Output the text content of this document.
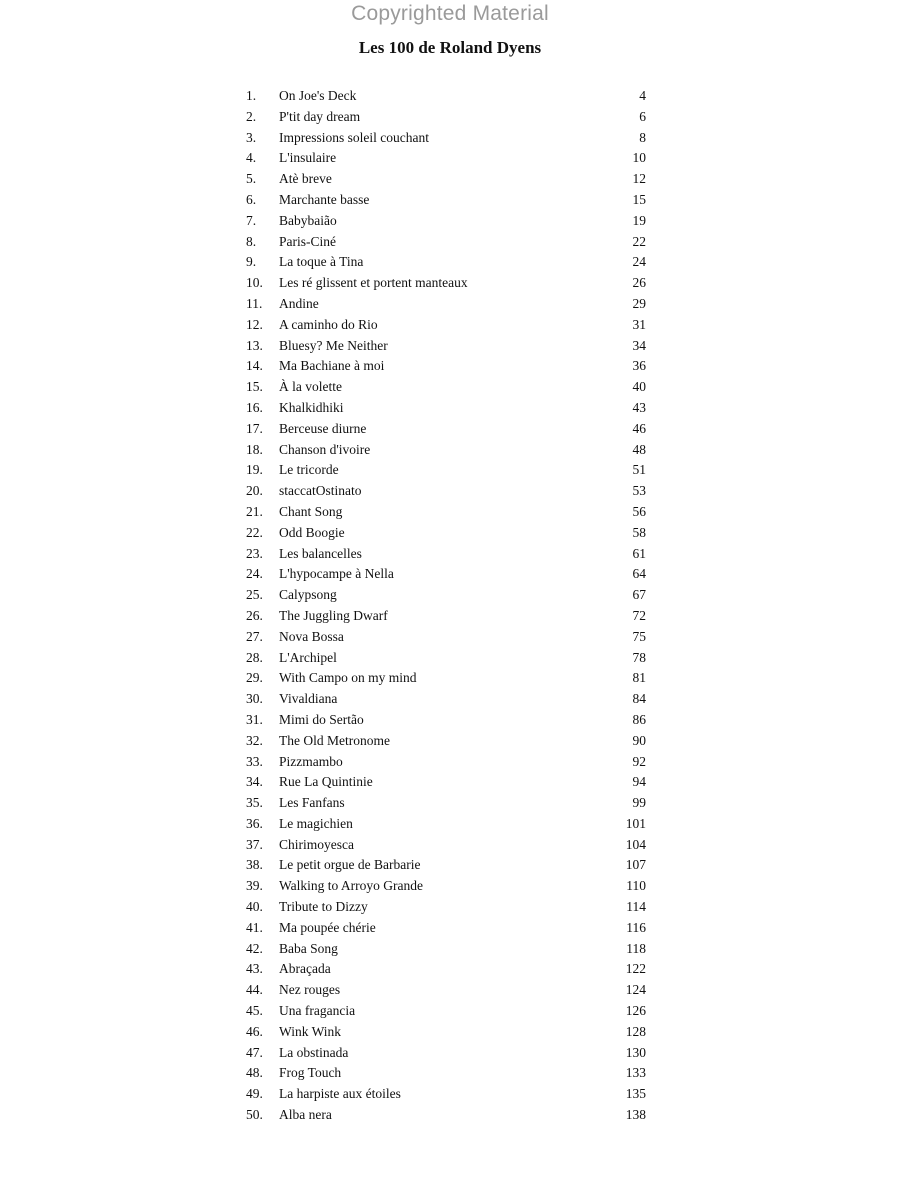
Copyrighted Material
Les 100 de Roland Dyens
1. On Joe's Deck	4
2. P'tit day dream	6
3. Impressions soleil couchant	8
4. L'insulaire	10
5. Atè breve	12
6. Marchante basse	15
7. Babybaião	19
8. Paris-Ciné	22
9. La toque à Tina	24
10. Les ré glissent et portent manteaux	26
11. Andine	29
12. A caminho do Rio	31
13. Bluesy? Me Neither	34
14. Ma Bachiane à moi	36
15. À la volette	40
16. Khalkidhiki	43
17. Berceuse diurne	46
18. Chanson d'ivoire	48
19. Le tricorde	51
20. staccatOstinato	53
21. Chant Song	56
22. Odd Boogie	58
23. Les balancelles	61
24. L'hypocampe à Nella	64
25. Calypsong	67
26. The Juggling Dwarf	72
27. Nova Bossa	75
28. L'Archipel	78
29. With Campo on my mind	81
30. Vivaldiana	84
31. Mimi do Sertão	86
32. The Old Metronome	90
33. Pizzmambo	92
34. Rue La Quintinie	94
35. Les Fanfans	99
36. Le magichien	101
37. Chirimoyesca	104
38. Le petit orgue de Barbarie	107
39. Walking to Arroyo Grande	110
40. Tribute to Dizzy	114
41. Ma poupée chérie	116
42. Baba Song	118
43. Abraçada	122
44. Nez rouges	124
45. Una fragancia	126
46. Wink Wink	128
47. La obstinada	130
48. Frog Touch	133
49. La harpiste aux étoiles	135
50. Alba nera	138
